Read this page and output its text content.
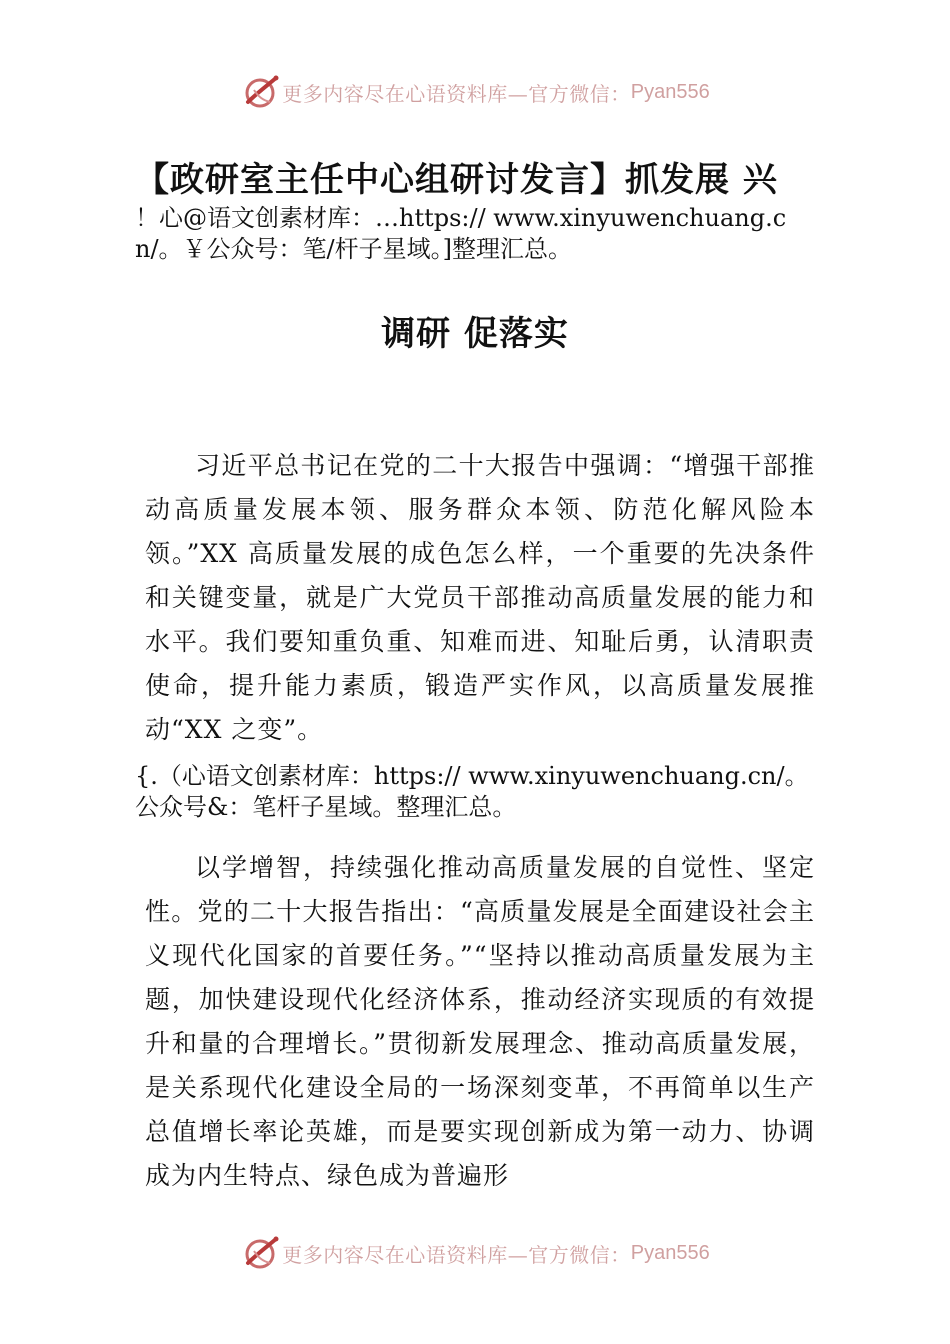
更多内容尽在心语资料库—官方微信： Pyan556
【政研室主任中心组研讨发言】抓发展 兴
！心@语文创素材库：…https:// www.xinyuwenchuang.cn/。￥公众号：笔/杆子星域。]整理汇总。
调研 促落实
习近平总书记在党的二十大报告中强调：“增强干部推动高质量发展本领、服务群众本领、防范化解风险本领。”XX 高质量发展的成色怎么样，一个重要的先决条件和关键变量，就是广大党员干部推动高质量发展的能力和水平。我们要知重负重、知难而进、知耻后勇，认清职责使命，提升能力素质，锻造严实作风，以高质量发展推动“XX 之变”。
{.（心语文创素材库：https:// www.xinyuwenchuang.cn/。公众号&：笔杆子星域。整理汇总。
以学增智，持续强化推动高质量发展的自觉性、坚定性。党的二十大报告指出：“高质量发展是全面建设社会主义现代化国家的首要任务。”“坚持以推动高质量发展为主题，加快建设现代化经济体系，推动经济实现质的有效提升和量的合理增长。”贯彻新发展理念、推动高质量发展，是关系现代化建设全局的一场深刻变革，不再简单以生产总值增长率论英雄，而是要实现创新成为第一动力、协调成为内生特点、绿色成为普遍形
更多内容尽在心语资料库—官方微信： Pyan556
